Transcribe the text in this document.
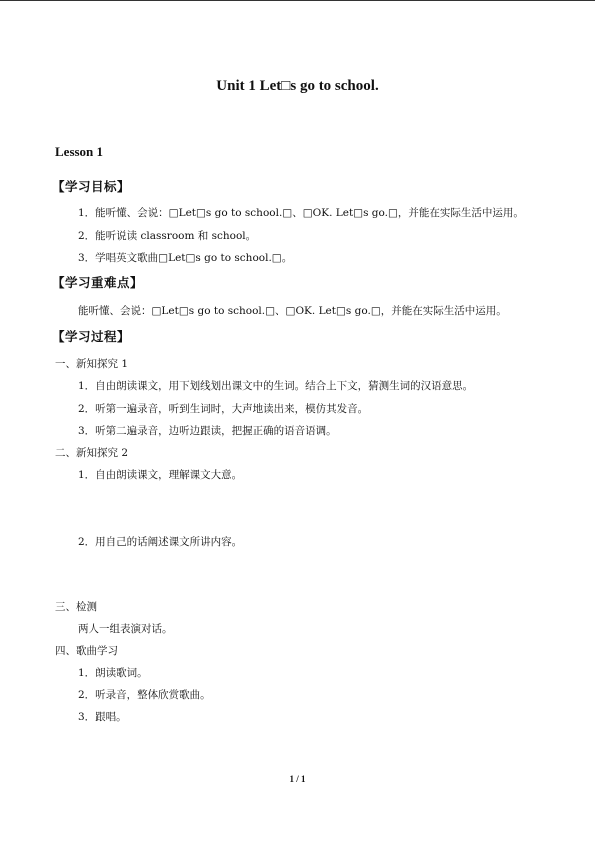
Unit 1 Let□s go to school.
Lesson 1
【学习目标】
1．能听懂、会说：□Let□s go to school.□、□OK. Let□s go.□，并能在实际生活中运用。
2．能听说读 classroom 和 school。
3．学唱英文歌曲□Let□s go to school.□。
【学习重难点】
能听懂、会说：□Let□s go to school.□、□OK. Let□s go.□，并能在实际生活中运用。
【学习过程】
一、新知探究 1
1．自由朗读课文，用下划线划出课文中的生词。结合上下文，猜测生词的汉语意思。
2．听第一遍录音，听到生词时，大声地读出来，模仿其发音。
3．听第二遍录音，边听边跟读，把握正确的语音语调。
二、新知探究 2
1．自由朗读课文，理解课文大意。
2．用自己的话阐述课文所讲内容。
三、检测
两人一组表演对话。
四、歌曲学习
1．朗读歌词。
2．听录音，整体欣赏歌曲。
3．跟唱。
1 / 1
